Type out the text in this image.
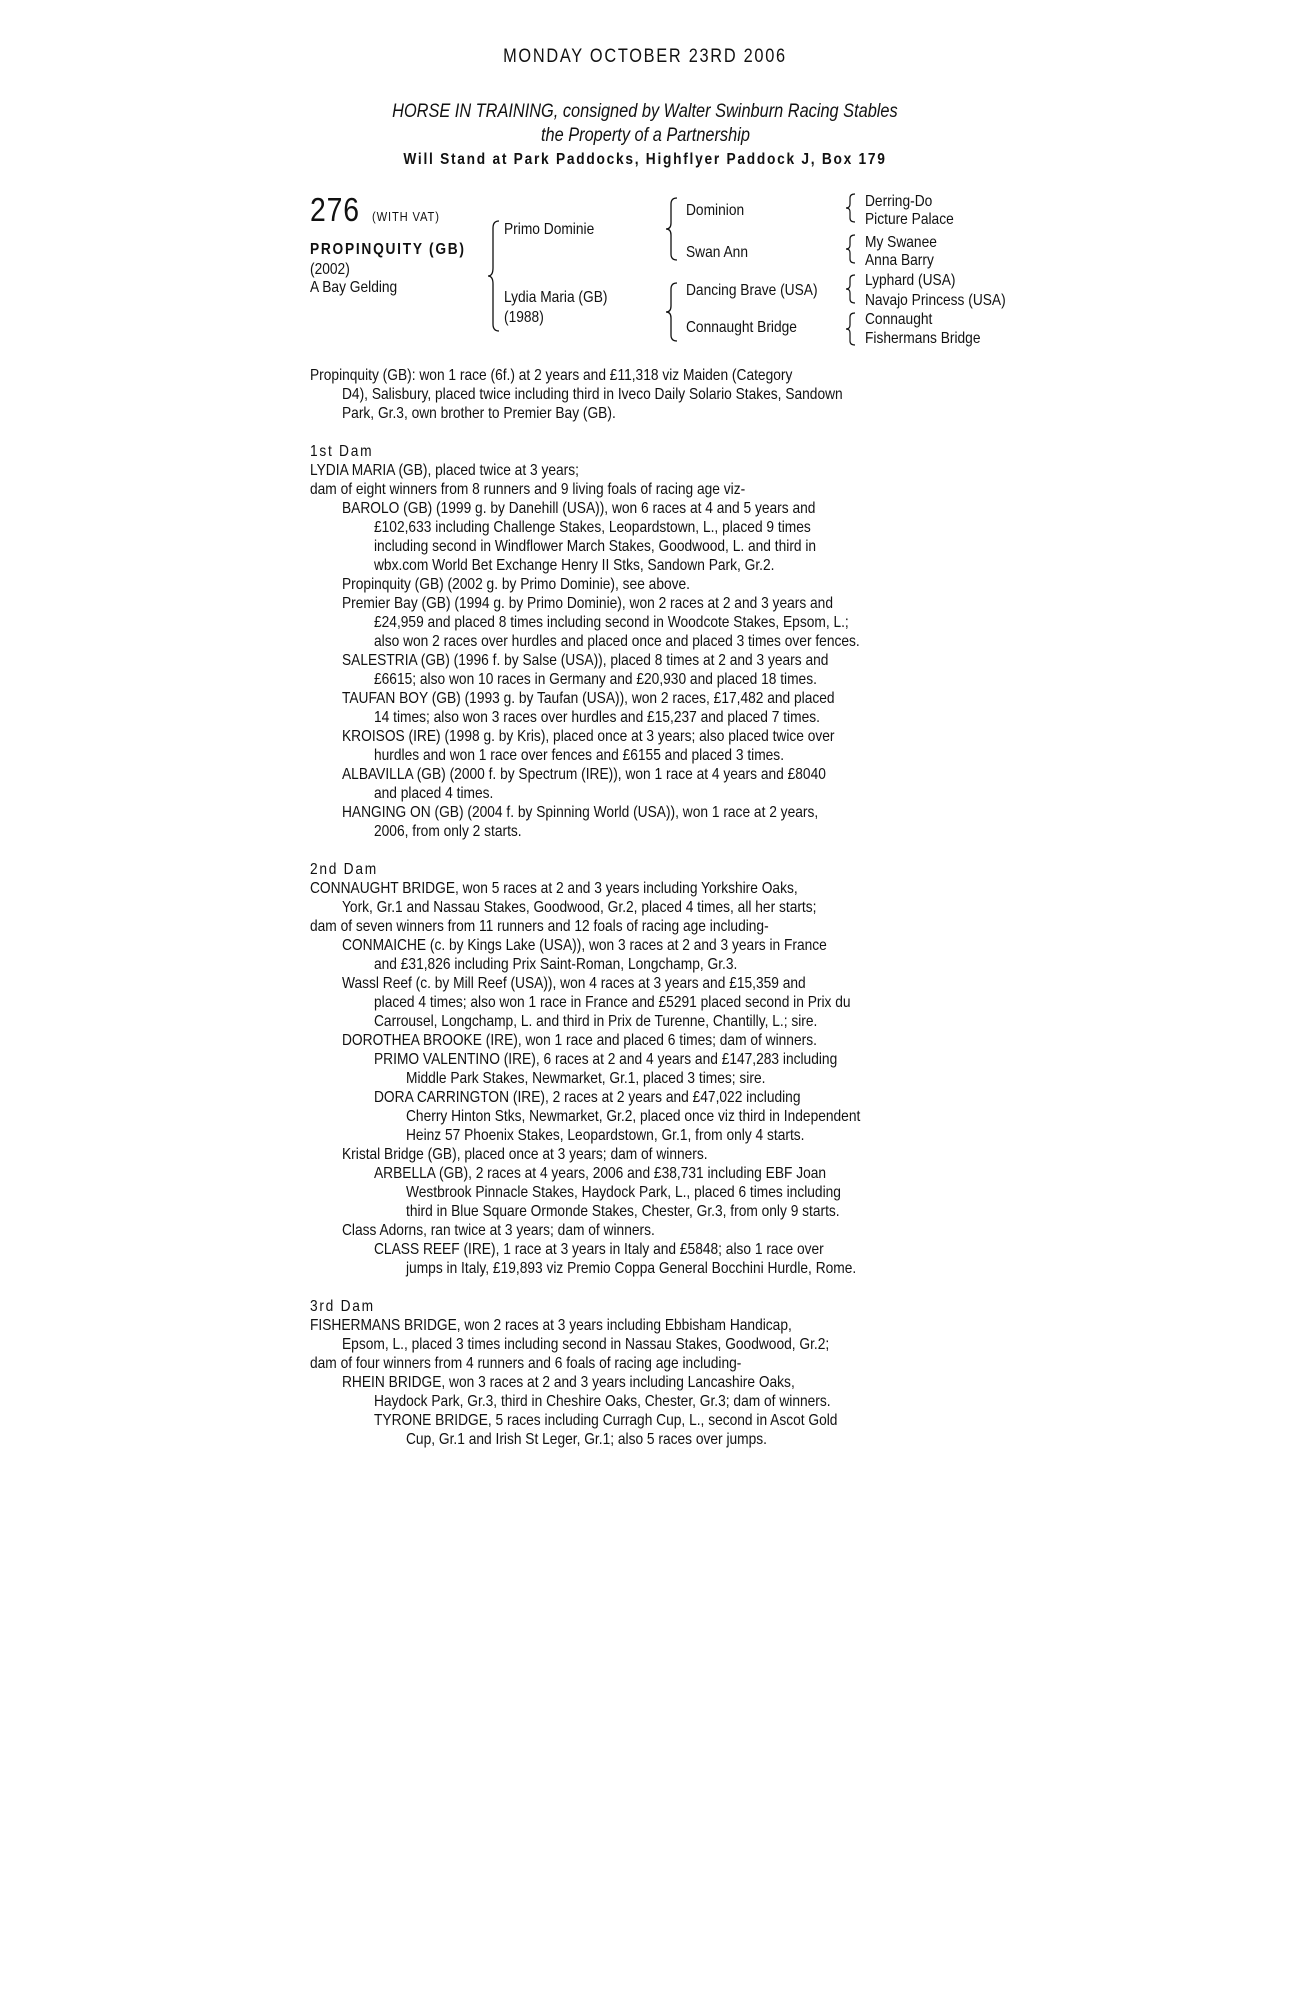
MONDAY OCTOBER 23RD 2006
HORSE IN TRAINING, consigned by Walter Swinburn Racing Stables
the Property of a Partnership
Will Stand at Park Paddocks, Highflyer Paddock J, Box 179
276 (WITH VAT)
PROPINQUITY (GB)
(2002)
A Bay Gelding
Primo Dominie
Lydia Maria (GB)
(1988)
Dominion
Swan Ann
Dancing Brave (USA)
Connaught Bridge
Derring-Do
Picture Palace
My Swanee
Anna Barry
Lyphard (USA)
Navajo Princess (USA)
Connaught
Fishermans Bridge
Propinquity (GB): won 1 race (6f.) at 2 years and £11,318 viz Maiden (Category
D4), Salisbury, placed twice including third in Iveco Daily Solario Stakes, Sandown
Park, Gr.3, own brother to Premier Bay (GB).
1st Dam
LYDIA MARIA (GB), placed twice at 3 years;
dam of eight winners from 8 runners and 9 living foals of racing age viz-
BAROLO (GB) (1999 g. by Danehill (USA)), won 6 races at 4 and 5 years and
£102,633 including Challenge Stakes, Leopardstown, L., placed 9 times
including second in Windflower March Stakes, Goodwood, L. and third in
wbx.com World Bet Exchange Henry II Stks, Sandown Park, Gr.2.
Propinquity (GB) (2002 g. by Primo Dominie), see above.
Premier Bay (GB) (1994 g. by Primo Dominie), won 2 races at 2 and 3 years and
£24,959 and placed 8 times including second in Woodcote Stakes, Epsom, L.;
also won 2 races over hurdles and placed once and placed 3 times over fences.
SALESTRIA (GB) (1996 f. by Salse (USA)), placed 8 times at 2 and 3 years and
£6615; also won 10 races in Germany and £20,930 and placed 18 times.
TAUFAN BOY (GB) (1993 g. by Taufan (USA)), won 2 races, £17,482 and placed
14 times; also won 3 races over hurdles and £15,237 and placed 7 times.
KROISOS (IRE) (1998 g. by Kris), placed once at 3 years; also placed twice over
hurdles and won 1 race over fences and £6155 and placed 3 times.
ALBAVILLA (GB) (2000 f. by Spectrum (IRE)), won 1 race at 4 years and £8040
and placed 4 times.
HANGING ON (GB) (2004 f. by Spinning World (USA)), won 1 race at 2 years,
2006, from only 2 starts.
2nd Dam
CONNAUGHT BRIDGE, won 5 races at 2 and 3 years including Yorkshire Oaks,
York, Gr.1 and Nassau Stakes, Goodwood, Gr.2, placed 4 times, all her starts;
dam of seven winners from 11 runners and 12 foals of racing age including-
CONMAICHE (c. by Kings Lake (USA)), won 3 races at 2 and 3 years in France
and £31,826 including Prix Saint-Roman, Longchamp, Gr.3.
Wassl Reef (c. by Mill Reef (USA)), won 4 races at 3 years and £15,359 and
placed 4 times; also won 1 race in France and £5291 placed second in Prix du
Carrousel, Longchamp, L. and third in Prix de Turenne, Chantilly, L.; sire.
DOROTHEA BROOKE (IRE), won 1 race and placed 6 times; dam of winners.
PRIMO VALENTINO (IRE), 6 races at 2 and 4 years and £147,283 including
Middle Park Stakes, Newmarket, Gr.1, placed 3 times; sire.
DORA CARRINGTON (IRE), 2 races at 2 years and £47,022 including
Cherry Hinton Stks, Newmarket, Gr.2, placed once viz third in Independent
Heinz 57 Phoenix Stakes, Leopardstown, Gr.1, from only 4 starts.
Kristal Bridge (GB), placed once at 3 years; dam of winners.
ARBELLA (GB), 2 races at 4 years, 2006 and £38,731 including EBF Joan
Westbrook Pinnacle Stakes, Haydock Park, L., placed 6 times including
third in Blue Square Ormonde Stakes, Chester, Gr.3, from only 9 starts.
Class Adorns, ran twice at 3 years; dam of winners.
CLASS REEF (IRE), 1 race at 3 years in Italy and £5848; also 1 race over
jumps in Italy, £19,893 viz Premio Coppa General Bocchini Hurdle, Rome.
3rd Dam
FISHERMANS BRIDGE, won 2 races at 3 years including Ebbisham Handicap,
Epsom, L., placed 3 times including second in Nassau Stakes, Goodwood, Gr.2;
dam of four winners from 4 runners and 6 foals of racing age including-
RHEIN BRIDGE, won 3 races at 2 and 3 years including Lancashire Oaks,
Haydock Park, Gr.3, third in Cheshire Oaks, Chester, Gr.3; dam of winners.
TYRONE BRIDGE, 5 races including Curragh Cup, L., second in Ascot Gold
Cup, Gr.1 and Irish St Leger, Gr.1; also 5 races over jumps.
